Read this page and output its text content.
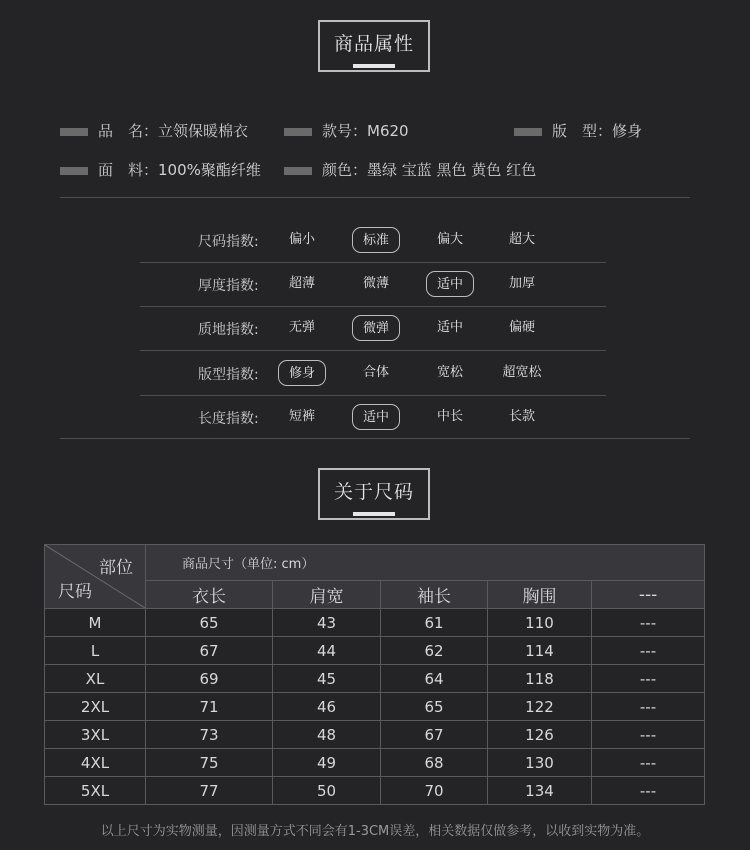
商品属性
品　名：立领保暖棉衣	款号：M620	版　型：修身
面　料：100%聚酯纤维	颜色：墨绿 宝蓝 黑色 黄色 红色
尺码指数:	偏小	标准	偏大	超大
厚度指数:	超薄	微薄	适中	加厚
质地指数:	无弹	微弹	适中	偏硬
版型指数:	修身	合体	宽松	超宽松
长度指数:	短裤	适中	中长	长款
关于尺码
部位
尺码	商品尺寸（单位: cm）				
	衣长	肩宽	袖长	胸围	---
M	65	43	61	110	---
L	67	44	62	114	---
XL	69	45	64	118	---
2XL	71	46	65	122	---
3XL	73	48	67	126	---
4XL	75	49	68	130	---
5XL	77	50	70	134	---
以上尺寸为实物测量，因测量方式不同会有1-3CM误差，相关数据仅做参考，以收到实物为准。
